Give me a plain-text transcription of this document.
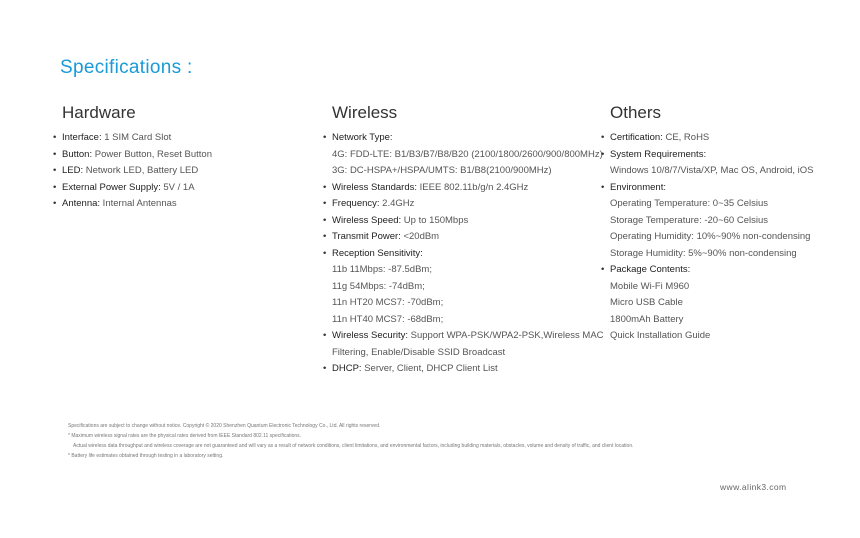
Specifications :
Hardware
• Interface: 1 SIM Card Slot
• Button: Power Button, Reset Button
• LED: Network LED, Battery LED
• External Power Supply: 5V / 1A
• Antenna: Internal Antennas
Wireless
• Network Type:
4G: FDD-LTE: B1/B3/B7/B8/B20 (2100/1800/2600/900/800MHz)
3G: DC-HSPA+/HSPA/UMTS: B1/B8(2100/900MHz)
• Wireless Standards: IEEE 802.11b/g/n 2.4GHz
• Frequency: 2.4GHz
• Wireless Speed: Up to 150Mbps
• Transmit Power: <20dBm
• Reception Sensitivity:
11b 11Mbps: -87.5dBm;
11g 54Mbps: -74dBm;
11n HT20 MCS7: -70dBm;
11n HT40 MCS7: -68dBm;
• Wireless Security: Support WPA-PSK/WPA2-PSK,Wireless MAC
Filtering, Enable/Disable SSID Broadcast
• DHCP: Server, Client, DHCP Client List
Others
• Certification: CE, RoHS
• System Requirements:
Windows 10/8/7/Vista/XP, Mac OS, Android, iOS
• Environment:
Operating Temperature: 0~35 Celsius
Storage Temperature: -20~60 Celsius
Operating Humidity: 10%~90% non-condensing
Storage Humidity: 5%~90% non-condensing
• Package Contents:
Mobile Wi-Fi M960
Micro USB Cable
1800mAh Battery
Quick Installation Guide
Specifications are subject to change without notice. Copyright © 2020 Shenzhen Quantum Electronic Technology Co., Ltd. All rights reserved.
* Maximum wireless signal rates are the physical rates derived from IEEE Standard 802.11 specifications.
Actual wireless data throughput and wireless coverage are not guaranteed and will vary as a result of network conditions, client limitations, and environmental factors, including building materials, obstacles, volume and density of traffic, and client location.
* Battery life estimates obtained through testing in a laboratory setting.
www.alink3.com
